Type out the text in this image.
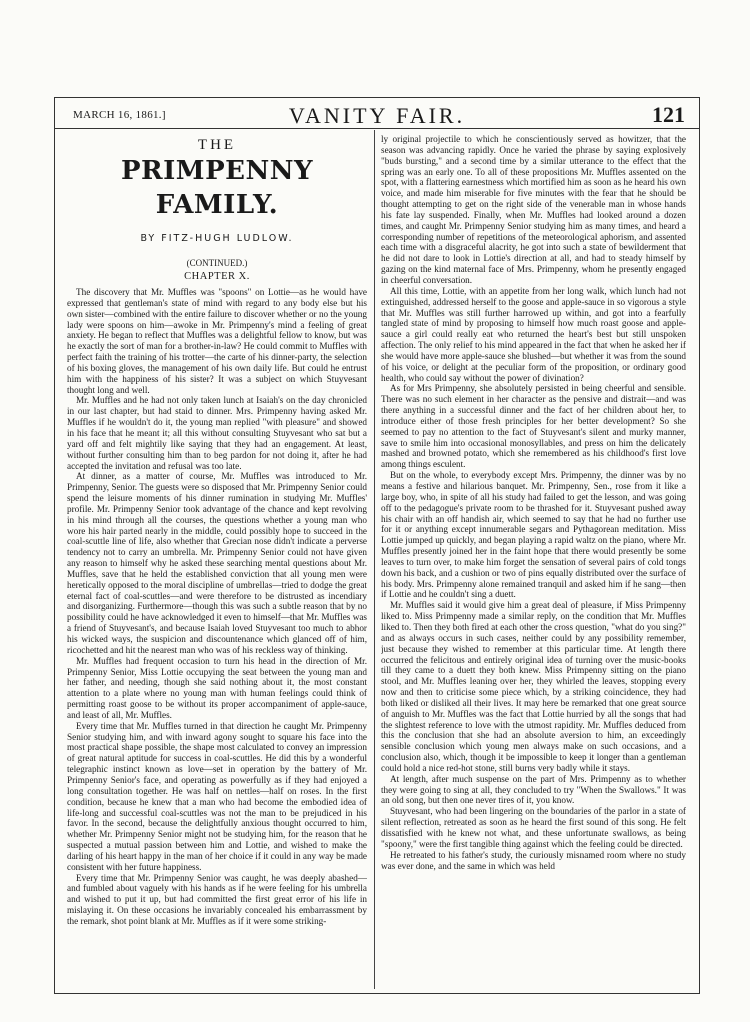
MARCH 16, 1861.]	VANITY FAIR.	121
THE
PRIMPENNY FAMILY.
BY FITZ-HUGH LUDLOW.
(CONTINUED.)
CHAPTER X.

The discovery that Mr. Muffles was "spoons" on Lottie—as he would have expressed that gentleman's state of mind with regard to any body else but his own sister—combined with the entire failure to discover whether or no the young lady were spoons on him—awoke in Mr. Primpenny's mind a feeling of great anxiety. He began to reflect that Muffles was a delightful fellow to know, but was he exactly the sort of man for a brother-in-law? He could commit to Muffles with perfect faith the training of his trotter—the carte of his dinner-party, the selection of his boxing gloves, the management of his own daily life. But could he entrust him with the happiness of his sister? It was a subject on which Stuyvesant thought long and well.

Mr. Muffles and he had not only taken lunch at Isaiah's on the day chronicled in our last chapter, but had staid to dinner. Mrs. Primpenny having asked Mr. Muffles if he wouldn't do it, the young man replied "with pleasure" and showed in his face that he meant it; all this without consulting Stuyvesant who sat but a yard off and felt mightily like saying that they had an engagement. At least, without further consulting him than to beg pardon for not doing it, after he had accepted the invitation and refusal was too late.

At dinner, as a matter of course, Mr. Muffles was introduced to Mr. Primpenny, Senior. The guests were so disposed that Mr. Primpenny Senior could spend the leisure moments of his dinner rumination in studying Mr. Muffles' profile. Mr. Primpenny Senior took advantage of the chance and kept revolving in his mind through all the courses, the questions whether a young man who wore his hair parted nearly in the middle, could possibly hope to succeed in the coal-scuttle line of life, also whether that Grecian nose didn't indicate a perverse tendency not to carry an umbrella. Mr. Primpenny Senior could not have given any reason to himself why he asked these searching mental questions about Mr. Muffles, save that he held the established conviction that all young men were heretically opposed to the moral discipline of umbrellas—tried to dodge the great eternal fact of coal-scuttles—and were therefore to be distrusted as incendiary and disorganizing. Furthermore—though this was such a subtle reason that by no possibility could he have acknowledged it even to himself—that Mr. Muffles was a friend of Stuyvesant's, and because Isaiah loved Stuyvesant too much to abhor his wicked ways, the suspicion and discountenance which glanced off of him, ricochetted and hit the nearest man who was of his reckless way of thinking.

Mr. Muffles had frequent occasion to turn his head in the direction of Mr. Primpenny Senior, Miss Lottie occupying the seat between the young man and her father, and needing, though she said nothing about it, the most constant attention to a plate where no young man with human feelings could think of permitting roast goose to be without its proper accompaniment of apple-sauce, and least of all, Mr. Muffles.

Every time that Mr. Muffles turned in that direction he caught Mr. Primpenny Senior studying him, and with inward agony sought to square his face into the most practical shape possible, the shape most calculated to convey an impression of great natural aptitude for success in coal-scuttles. He did this by a wonderful telegraphic instinct known as love—set in operation by the battery of Mr. Primpenny Senior's face, and operating as powerfully as if they had enjoyed a long consultation together. He was half on nettles—half on roses. In the first condition, because he knew that a man who had become the embodied idea of life-long and successful coal-scuttles was not the man to be prejudiced in his favor. In the second, because the delightfully anxious thought occurred to him, whether Mr. Primpenny Senior might not be studying him, for the reason that he suspected a mutual passion between him and Lottie, and wished to make the darling of his heart happy in the man of her choice if it could in any way be made consistent with her future happiness.

Every time that Mr. Primpenny Senior was caught, he was deeply abashed—and fumbled about vaguely with his hands as if he were feeling for his umbrella and wished to put it up, but had committed the first great error of his life in mislaying it. On these occasions he invariably concealed his embarrassment by the remark, shot point blank at Mr. Muffles as if it were some striking-

ly original projectile to which he conscientiously served as howitzer, that the season was advancing rapidly. Once he varied the phrase by saying explosively "buds bursting," and a second time by a similar utterance to the effect that the spring was an early one. To all of these propositions Mr. Muffles assented on the spot, with a flattering earnestness which mortified him as soon as he heard his own voice, and made him miserable for five minutes with the fear that he should be thought attempting to get on the right side of the venerable man in whose hands his fate lay suspended. Finally, when Mr. Muffles had looked around a dozen times, and caught Mr. Primpenny Senior studying him as many times, and heard a corresponding number of repetitions of the meteorological aphorism, and assented each time with a disgraceful alacrity, he got into such a state of bewilderment that he did not dare to look in Lottie's direction at all, and had to steady himself by gazing on the kind maternal face of Mrs. Primpenny, whom he presently engaged in cheerful conversation.

All this time, Lottie, with an appetite from her long walk, which lunch had not extinguished, addressed herself to the goose and apple-sauce in so vigorous a style that Mr. Muffles was still further harrowed up within, and got into a fearfully tangled state of mind by proposing to himself how much roast goose and apple-sauce a girl could really eat who returned the heart's best but still unspoken affection. The only relief to his mind appeared in the fact that when he asked her if she would have more apple-sauce she blushed—but whether it was from the sound of his voice, or delight at the peculiar form of the proposition, or ordinary good health, who could say without the power of divination?

As for Mrs Primpenny, she absolutely persisted in being cheerful and sensible. There was no such element in her character as the pensive and distrait—and was there anything in a successful dinner and the fact of her children about her, to introduce either of those fresh principles for her better development? So she seemed to pay no attention to the fact of Stuyvesant's silent and murky manner, save to smile him into occasional monosyllables, and press on him the delicately mashed and browned potato, which she remembered as his childhood's first love among things esculent.

But on the whole, to everybody except Mrs. Primpenny, the dinner was by no means a festive and hilarious banquet. Mr. Primpenny, Sen., rose from it like a large boy, who, in spite of all his study had failed to get the lesson, and was going off to the pedagogue's private room to be thrashed for it. Stuyvesant pushed away his chair with an off handish air, which seemed to say that he had no further use for it or anything except innumerable segars and Pythagorean meditation. Miss Lottie jumped up quickly, and began playing a rapid waltz on the piano, where Mr. Muffles presently joined her in the faint hope that there would presently be some leaves to turn over, to make him forget the sensation of several pairs of cold tongs down his back, and a cushion or two of pins equally distributed over the surface of his body. Mrs. Primpenny alone remained tranquil and asked him if he sang—then if Lottie and he couldn't sing a duett.

Mr. Muffles said it would give him a great deal of pleasure, if Miss Primpenny liked to. Miss Primpenny made a similar reply, on the condition that Mr. Muffles liked to. Then they both fired at each other the cross question, "what do you sing?" and as always occurs in such cases, neither could by any possibility remember, just because they wished to remember at this particular time. At length there occurred the felicitous and entirely original idea of turning over the music-books till they came to a duett they both knew. Miss Primpenny sitting on the piano stool, and Mr. Muffles leaning over her, they whirled the leaves, stopping every now and then to criticise some piece which, by a striking coincidence, they had both liked or disliked all their lives. It may here be remarked that one great source of anguish to Mr. Muffles was the fact that Lottie hurried by all the songs that had the slightest reference to love with the utmost rapidity. Mr. Muffles deduced from this the conclusion that she had an absolute aversion to him, an exceedingly sensible conclusion which young men always make on such occasions, and a conclusion also, which, though it be impossible to keep it longer than a gentleman could hold a nice red-hot stone, still burns very badly while it stays.

At length, after much suspense on the part of Mrs. Primpenny as to whether they were going to sing at all, they concluded to try "When the Swallows." It was an old song, but then one never tires of it, you know.

Stuyvesant, who had been lingering on the boundaries of the parlor in a state of silent reflection, retreated as soon as he heard the first sound of this song. He felt dissatisfied with he knew not what, and these unfortunate swallows, as being "spoony," were the first tangible thing against which the feeling could be directed.

He retreated to his father's study, the curiously misnamed room where no study was ever done, and the same in which was held
